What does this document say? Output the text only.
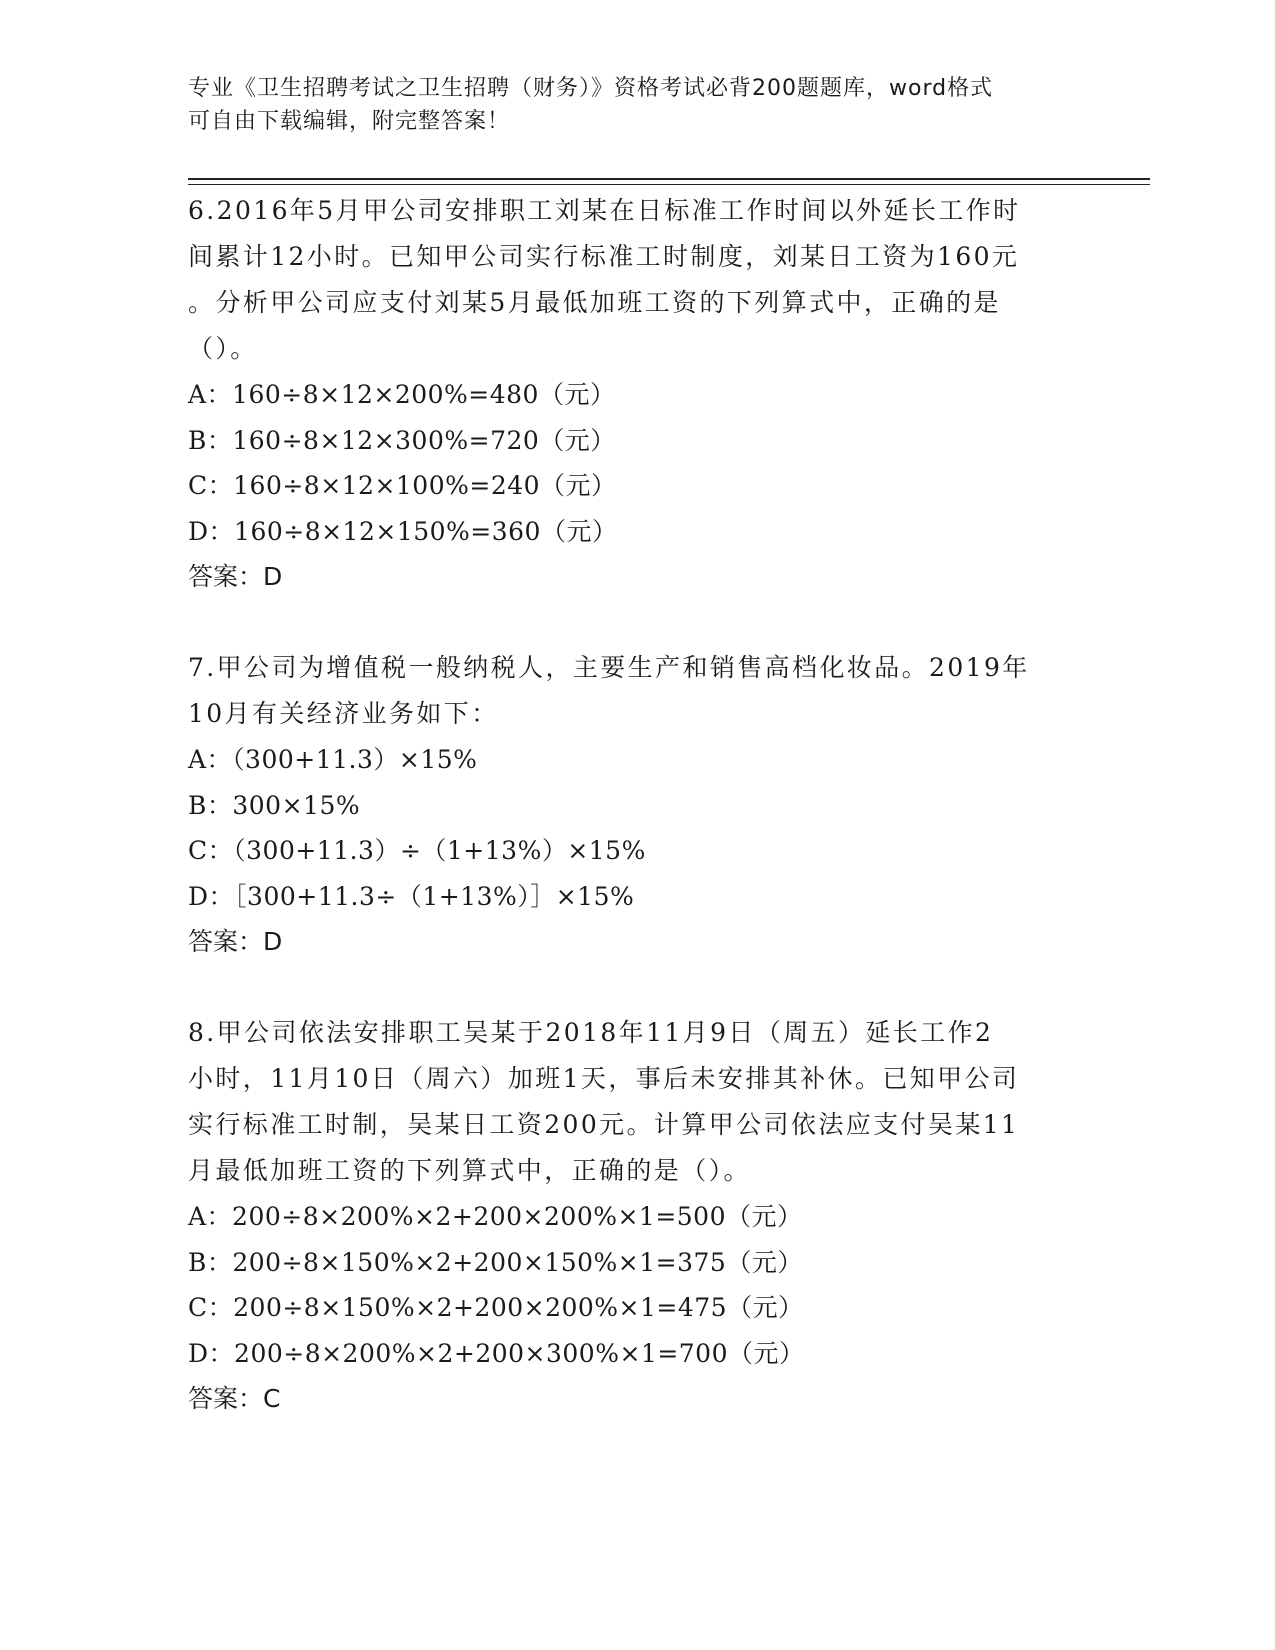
专业《卫生招聘考试之卫生招聘（财务）》资格考试必背200题题库，word格式
可自由下载编辑，附完整答案！
6.2016年5月甲公司安排职工刘某在日标准工作时间以外延长工作时
间累计12小时。已知甲公司实行标准工时制度，刘某日工资为160元
。分析甲公司应支付刘某5月最低加班工资的下列算式中，正确的是
（）。
A：160÷8×12×200%=480（元）
B：160÷8×12×300%=720（元）
C：160÷8×12×100%=240（元）
D：160÷8×12×150%=360（元）
答案：D
7.甲公司为增值税一般纳税人，主要生产和销售高档化妆品。2019年
10月有关经济业务如下：
A：（300+11.3）×15%
B：300×15%
C：（300+11.3）÷（1+13%）×15%
D：［300+11.3÷（1+13%）］×15%
答案：D
8.甲公司依法安排职工吴某于2018年11月9日（周五）延长工作2
小时，11月10日（周六）加班1天，事后未安排其补休。已知甲公司
实行标准工时制，吴某日工资200元。计算甲公司依法应支付吴某11
月最低加班工资的下列算式中，正确的是（）。
A：200÷8×200%×2+200×200%×1=500（元）
B：200÷8×150%×2+200×150%×1=375（元）
C：200÷8×150%×2+200×200%×1=475（元）
D：200÷8×200%×2+200×300%×1=700（元）
答案：C
